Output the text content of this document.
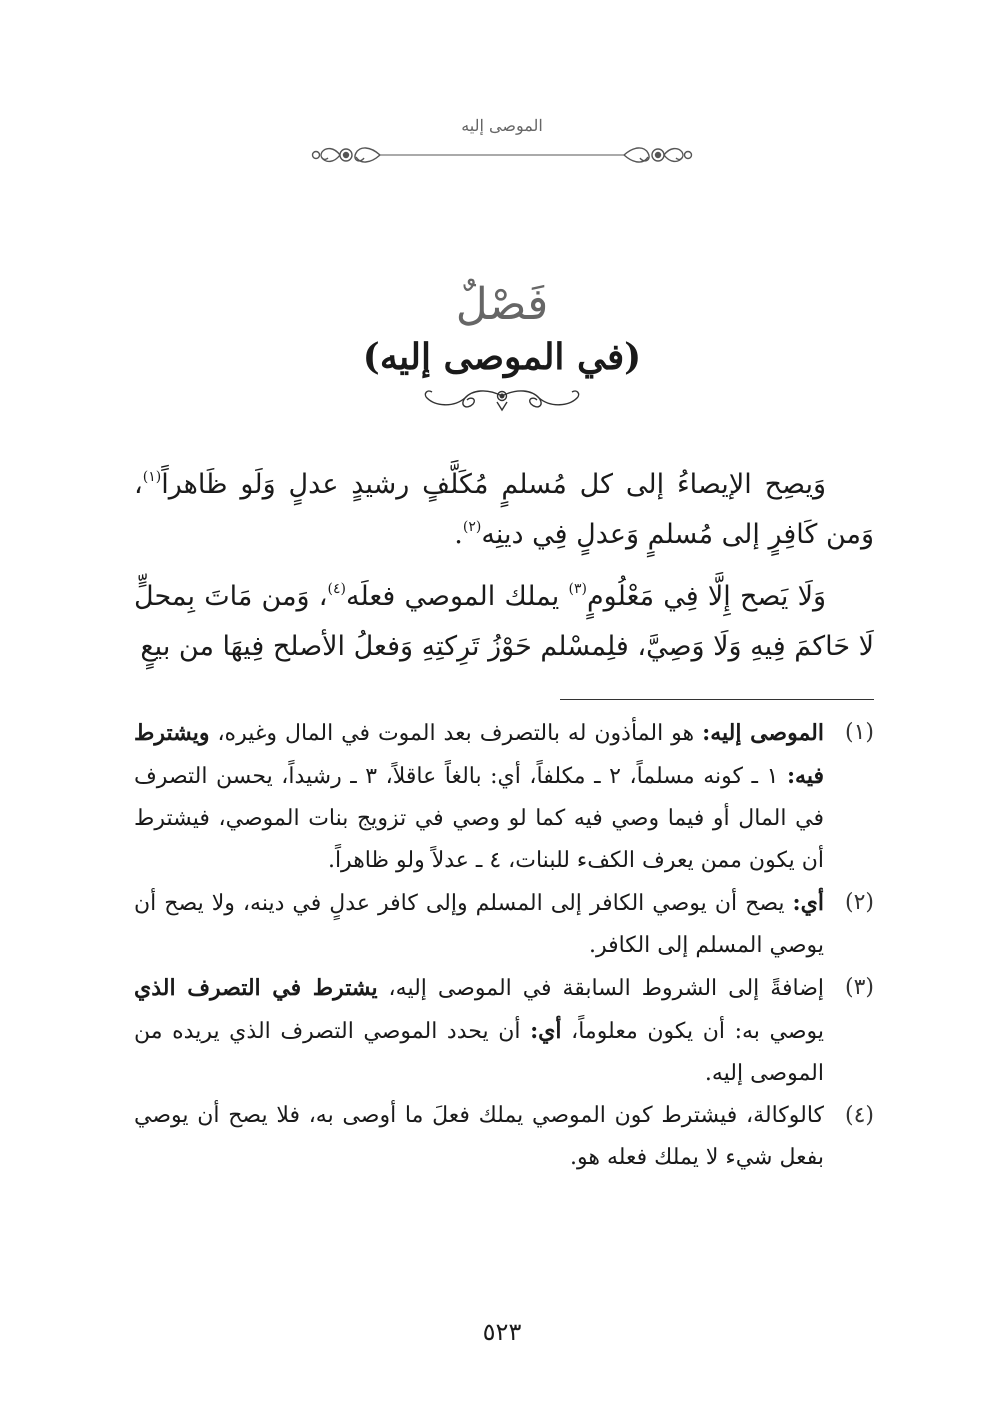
الموصى إليه
فَصْلٌ
(في الموصى إليه)

وَيصِح الإيصاءُ إلى كل مُسلمٍ مُكَلَّفٍ رشيدٍ عدلٍ وَلَو ظَاهراً$^{(١)}$، وَمن كَافِرٍ إلى مُسلمٍ وَعدلٍ فِي دينِه$^{(٢)}$.

وَلَا يَصح إِلَّا فِي مَعْلُومٍ$^{(٣)}$ يملك الموصي فعلَه$^{(٤)}$، وَمن مَاتَ بِمحلٍّ لَا حَاكمَ فِيهِ وَلَا وَصِيَّ، فلِمسْلم حَوْزُ تَرِكتِهِ وَفعلُ الأصلح فِيهَا من بيعٍ

(١)
الموصى إليه: هو المأذون له بالتصرف بعد الموت في المال وغيره، ويشترط فيه: ١ ـ كونه مسلماً، ٢ ـ مكلفاً، أي: بالغاً عاقلاً، ٣ ـ رشيداً، يحسن التصرف في المال أو فيما وصي فيه كما لو وصي في تزويج بنات الموصي، فيشترط أن يكون ممن يعرف الكفء للبنات، ٤ ـ عدلاً ولو ظاهراً.
(٢)
أي: يصح أن يوصي الكافر إلى المسلم وإلى كافر عدلٍ في دينه، ولا يصح أن يوصي المسلم إلى الكافر.
(٣)
إضافةً إلى الشروط السابقة في الموصى إليه، يشترط في التصرف الذي يوصي به: أن يكون معلوماً، أي: أن يحدد الموصي التصرف الذي يريده من الموصى إليه.
(٤)
كالوكالة، فيشترط كون الموصي يملك فعلَ ما أوصى به، فلا يصح أن يوصي بفعل شيء لا يملك فعله هو.
٥٢٣
